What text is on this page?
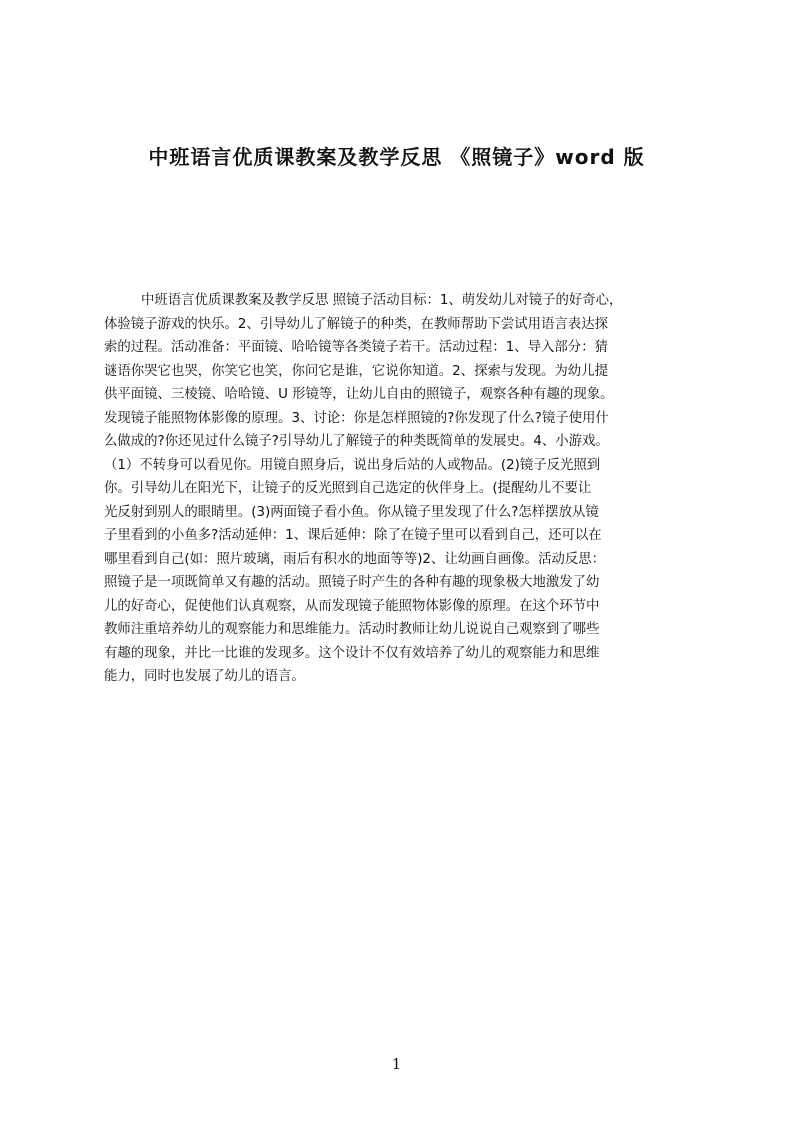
中班语言优质课教案及教学反思 《照镜子》word 版
中班语言优质课教案及教学反思 照镜子活动目标：1、萌发幼儿对镜子的好奇心，
体验镜子游戏的快乐。2、引导幼儿了解镜子的种类，在教师帮助下尝试用语言表达探
索的过程。活动准备：平面镜、哈哈镜等各类镜子若干。活动过程：1、导入部分：猜
谜语你哭它也哭，你笑它也笑，你问它是谁，它说你知道。2、探索与发现。为幼儿提
供平面镜、三棱镜、哈哈镜、U 形镜等，让幼儿自由的照镜子，观察各种有趣的现象。
发现镜子能照物体影像的原理。3、讨论：你是怎样照镜的?你发现了什么?镜子使用什
么做成的?你还见过什么镜子?引导幼儿了解镜子的种类既简单的发展史。4、小游戏。
（1）不转身可以看见你。用镜自照身后，说出身后站的人或物品。(2)镜子反光照到
你。引导幼儿在阳光下，让镜子的反光照到自己选定的伙伴身上。(提醒幼儿不要让
光反射到别人的眼睛里。(3)两面镜子看小鱼。你从镜子里发现了什么?怎样摆放从镜
子里看到的小鱼多?活动延伸：1、课后延伸：除了在镜子里可以看到自己，还可以在
哪里看到自己(如：照片玻璃，雨后有积水的地面等等)2、让幼画自画像。活动反思：
照镜子是一项既简单又有趣的活动。照镜子时产生的各种有趣的现象极大地激发了幼
儿的好奇心，促使他们认真观察，从而发现镜子能照物体影像的原理。在这个环节中
教师注重培养幼儿的观察能力和思维能力。活动时教师让幼儿说说自己观察到了哪些
有趣的现象，并比一比谁的发现多。这个设计不仅有效培养了幼儿的观察能力和思维
能力，同时也发展了幼儿的语言。
1
